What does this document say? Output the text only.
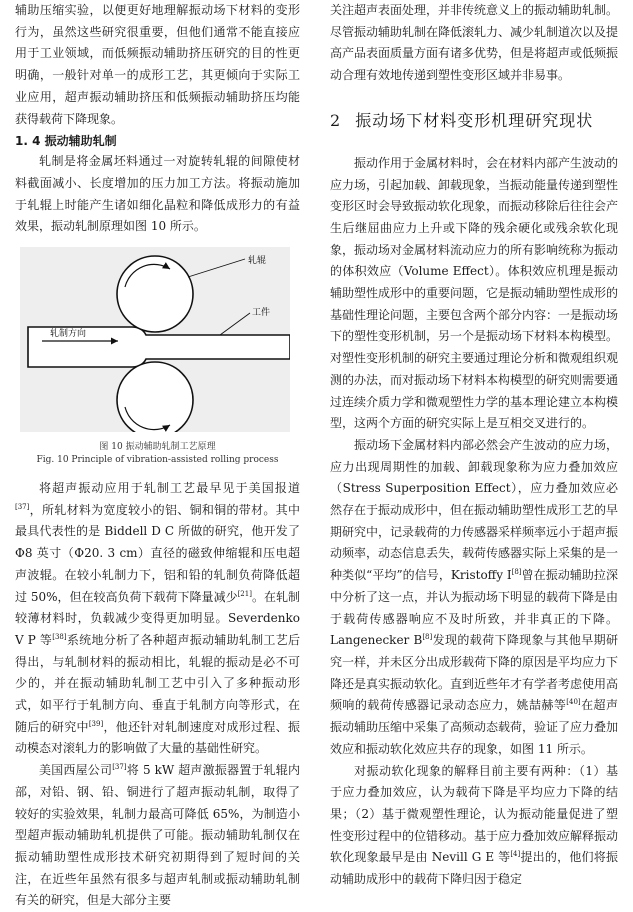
辅助压缩实验，以便更好地理解振动场下材料的变形行为，虽然这些研究很重要，但他们通常不能直接应用于工业领域，而低频振动辅助挤压研究的目的性更明确，一般针对单一的成形工艺，其更倾向于实际工业应用，超声振动辅助挤压和低频振动辅助挤压均能获得载荷下降现象。

1. 4 振动辅助轧制

轧制是将金属坯料通过一对旋转轧辊的间隙使材料截面减小、长度增加的压力加工方法。将振动施加于轧辊上时能产生诸如细化晶粒和降低成形力的有益效果，振动轧制原理如图 10 所示。

轧辊
工件
轧制方向
图 10 振动辅助轧制工艺原理
Fig. 10 Principle of vibration-assisted rolling process

将超声振动应用于轧制工艺最早见于美国报道[37]，所轧材料为宽度较小的铝、铜和铜的带材。其中最具代表性的是 Biddell D C 所做的研究，他开发了 Φ8 英寸（Φ20. 3 cm）直径的磁致伸缩辊和压电超声波辊。在较小轧制力下，铝和铅的轧制负荷降低超过 50%，但在较高负荷下载荷下降量减少[21]。在轧制较薄材料时，负载减少变得更加明显。Severdenko V P 等[38]系统地分析了各种超声振动辅助轧制工艺后得出，与轧制材料的振动相比，轧辊的振动是必不可少的，并在振动辅助轧制工艺中引入了多种振动形式，如平行于轧制方向、垂直于轧制方向等形式，在随后的研究中[39]，他还针对轧制速度对成形过程、振动模态对滚轧力的影响做了大量的基础性研究。

美国西屋公司[37]将 5 kW 超声激振器置于轧辊内部，对铅、钢、铅、铜进行了超声振动轧制，取得了较好的实验效果，轧制力最高可降低 65%，为制造小型超声振动辅助轧机提供了可能。振动辅助轧制仅在振动辅助塑性成形技术研究初期得到了短时间的关注，在近些年虽然有很多与超声轧制或振动辅助轧制有关的研究，但是大部分主要

关注超声表面处理，并非传统意义上的振动辅助轧制。尽管振动辅助轧制在降低滚轧力、减少轧制道次以及提高产品表面质量方面有诸多优势，但是将超声或低频振动合理有效地传递到塑性变形区域并非易事。

2 振动场下材料变形机理研究现状

振动作用于金属材料时，会在材料内部产生波动的应力场，引起加载、卸载现象，当振动能量传递到塑性变形区时会导致振动软化现象，而振动移除后往往会产生后继屈曲应力上升或下降的残余硬化或残余软化现象，振动场对金属材料流动应力的所有影响统称为振动的体积效应（Volume Effect）。体积效应机理是振动辅助塑性成形中的重要问题，它是振动辅助塑性成形的基础性理论问题，主要包含两个部分内容：一是振动场下的塑性变形机制，另一个是振动场下材料本构模型。对塑性变形机制的研究主要通过理论分析和微观组织观测的办法，而对振动场下材料本构模型的研究则需要通过连续介质力学和微观塑性力学的基本理论建立本构模型，这两个方面的研究实际上是互相交叉进行的。

振动场下金属材料内部必然会产生波动的应力场，应力出现周期性的加载、卸载现象称为应力叠加效应（Stress Superposition Effect），应力叠加效应必然存在于振动成形中，但在振动辅助塑性成形工艺的早期研究中，记录载荷的力传感器采样频率远小于超声振动频率，动态信息丢失，载荷传感器实际上采集的是一种类似“平均”的信号，Kristoffy I[8]曾在振动辅助拉深中分析了这一点，并认为振动场下明显的载荷下降是由于载荷传感器响应不及时所致，并非真正的下降。Langenecker B[8]发现的载荷下降现象与其他早期研究一样，并未区分出成形载荷下降的原因是平均应力下降还是真实振动软化。直到近些年才有学者考虑使用高频响的载荷传感器记录动态应力，姚喆赫等[40]在超声振动辅助压缩中采集了高频动态载荷，验证了应力叠加效应和振动软化效应共存的现象，如图 11 所示。

对振动软化现象的解释目前主要有两种：（1）基于应力叠加效应，认为载荷下降是平均应力下降的结果；（2）基于微观塑性理论，认为振动能量促进了塑性变形过程中的位错移动。基于应力叠加效应解释振动软化现象最早是由 Nevill G E 等[4]提出的，他们将振动辅助成形中的载荷下降归因于稳定
